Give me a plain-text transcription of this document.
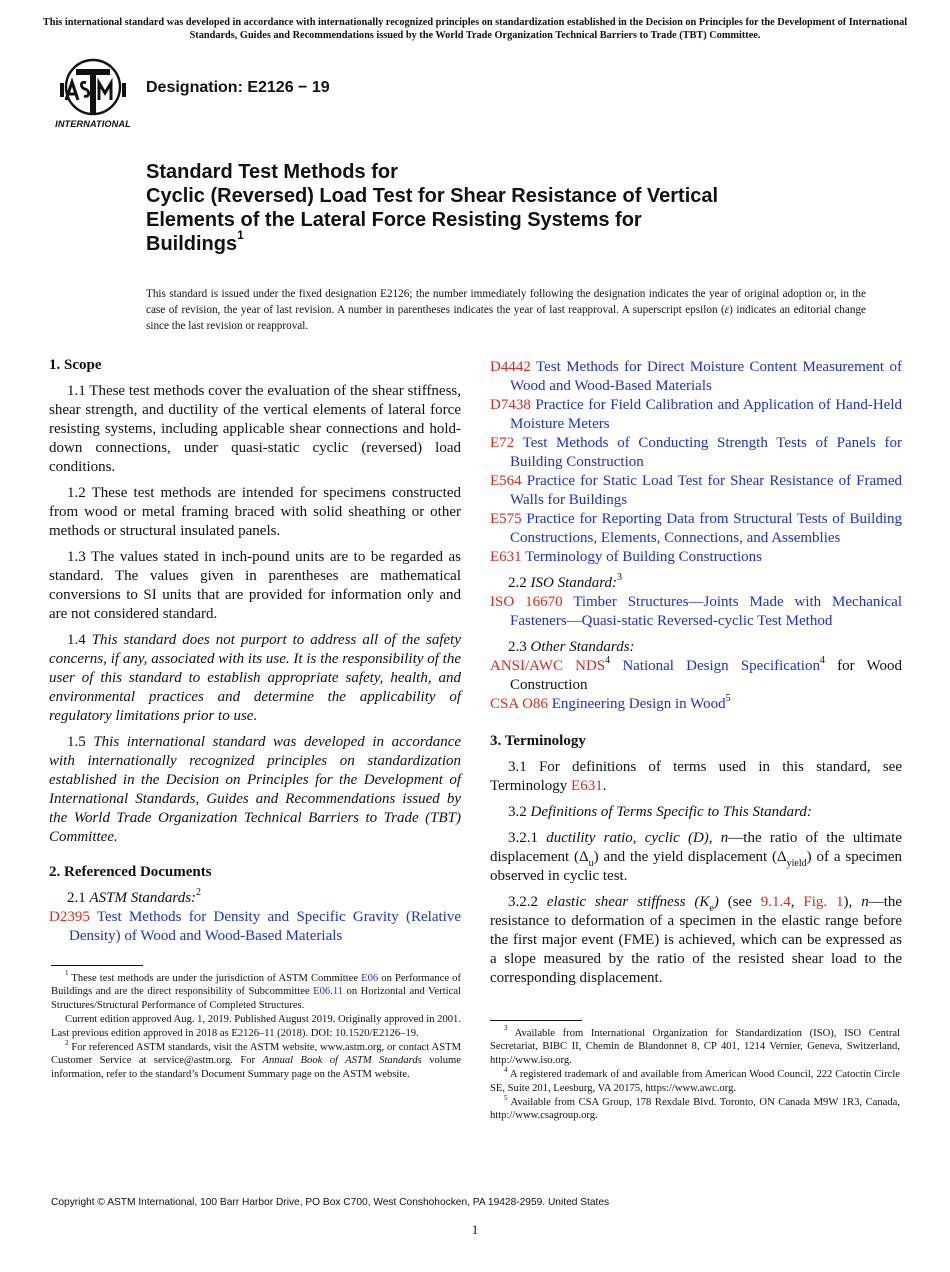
This international standard was developed in accordance with internationally recognized principles on standardization established in the Decision on Principles for the Development of International Standards, Guides and Recommendations issued by the World Trade Organization Technical Barriers to Trade (TBT) Committee.
INTERNATIONAL
Designation: E2126 − 19
Standard Test Methods for
Cyclic (Reversed) Load Test for Shear Resistance of Vertical
Elements of the Lateral Force Resisting Systems for
Buildings$^1$
This standard is issued under the fixed designation E2126; the number immediately following the designation indicates the year of original adoption or, in the case of revision, the year of last revision. A number in parentheses indicates the year of last reapproval. A superscript epsilon (ε) indicates an editorial change since the last revision or reapproval.

1. Scope

1.1 These test methods cover the evaluation of the shear stiffness, shear strength, and ductility of the vertical elements of lateral force resisting systems, including applicable shear connections and hold-down connections, under quasi-static cyclic (reversed) load conditions.

1.2 These test methods are intended for specimens constructed from wood or metal framing braced with solid sheathing or other methods or structural insulated panels.

1.3 The values stated in inch-pound units are to be regarded as standard. The values given in parentheses are mathematical conversions to SI units that are provided for information only and are not considered standard.

1.4 This standard does not purport to address all of the safety concerns, if any, associated with its use. It is the responsibility of the user of this standard to establish appropriate safety, health, and environmental practices and determine the applicability of regulatory limitations prior to use.

1.5 This international standard was developed in accordance with internationally recognized principles on standardization established in the Decision on Principles for the Development of International Standards, Guides and Recommendations issued by the World Trade Organization Technical Barriers to Trade (TBT) Committee.

2. Referenced Documents

2.1 ASTM Standards:$^2$

D2395 Test Methods for Density and Specific Gravity (Relative Density) of Wood and Wood-Based Materials

D4442 Test Methods for Direct Moisture Content Measurement of Wood and Wood-Based Materials

D7438 Practice for Field Calibration and Application of Hand-Held Moisture Meters

E72 Test Methods of Conducting Strength Tests of Panels for Building Construction

E564 Practice for Static Load Test for Shear Resistance of Framed Walls for Buildings

E575 Practice for Reporting Data from Structural Tests of Building Constructions, Elements, Connections, and Assemblies

E631 Terminology of Building Constructions

2.2 ISO Standard:$^3$

ISO 16670 Timber Structures—Joints Made with Mechanical Fasteners—Quasi-static Reversed-cyclic Test Method

2.3 Other Standards:

ANSI/AWC NDS$^4$ National Design Specification$^4$ for Wood Construction

CSA O86 Engineering Design in Wood$^5$

3. Terminology

3.1 For definitions of terms used in this standard, see Terminology E631.

3.2 Definitions of Terms Specific to This Standard:

3.2.1 ductility ratio, cyclic (D), n—the ratio of the ultimate displacement $(\Delta_u)$ and the yield displacement $(\Delta_{yield})$ of a specimen observed in cyclic test.

3.2.2 elastic shear stiffness $(K_e)$ (see 9.1.4, Fig. 1), n—the resistance to deformation of a specimen in the elastic range before the first major event (FME) is achieved, which can be expressed as a slope measured by the ratio of the resisted shear load to the corresponding displacement.

$^1$ These test methods are under the jurisdiction of ASTM Committee E06 on Performance of Buildings and are the direct responsibility of Subcommittee E06.11 on Horizontal and Vertical Structures/Structural Performance of Completed Structures.

Current edition approved Aug. 1, 2019. Published August 2019. Originally approved in 2001. Last previous edition approved in 2018 as E2126–11 (2018). DOI: 10.1520/E2126–19.

$^2$ For referenced ASTM standards, visit the ASTM website, www.astm.org, or contact ASTM Customer Service at service@astm.org. For Annual Book of ASTM Standards volume information, refer to the standard’s Document Summary page on the ASTM website.

$^3$ Available from International Organization for Standardization (ISO), ISO Central Secretariat, BIBC II, Chemin de Blandonnet 8, CP 401, 1214 Vernier, Geneva, Switzerland, http://www.iso.org.

$^4$ A registered trademark of and available from American Wood Council, 222 Catoctin Circle SE, Suite 201, Leesburg, VA 20175, https://www.awc.org.

$^5$ Available from CSA Group, 178 Rexdale Blvd. Toronto, ON Canada M9W 1R3, Canada, http://www.csagroup.org.

Copyright © ASTM International, 100 Barr Harbor Drive, PO Box C700, West Conshohocken, PA 19428-2959. United States
1
